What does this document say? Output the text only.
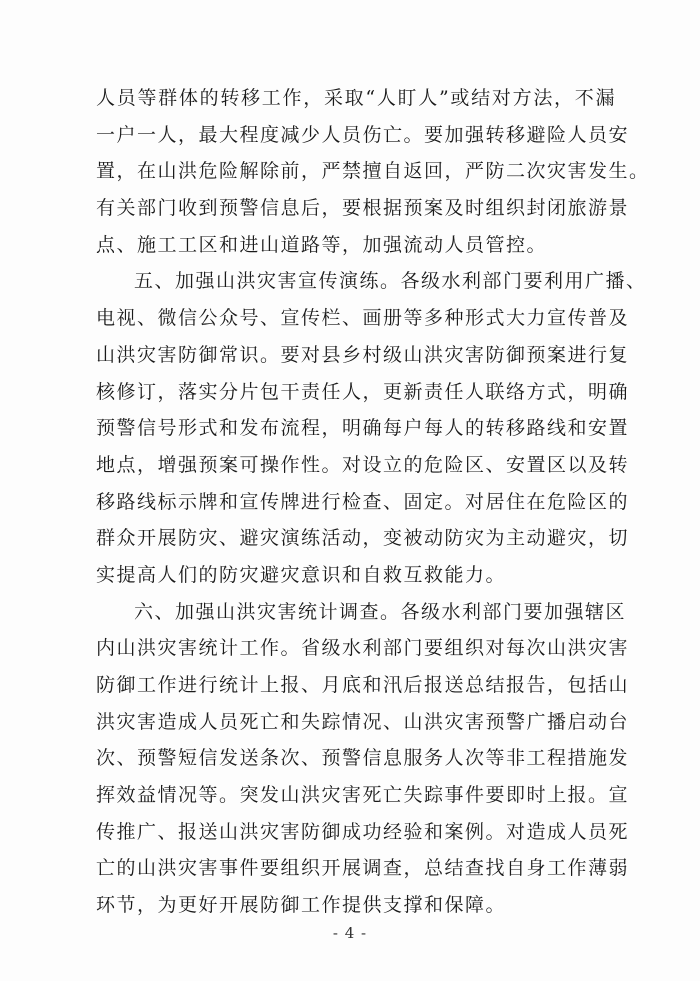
人员等群体的转移工作，采取“人盯人”或结对方法，不漏
一户一人，最大程度减少人员伤亡。要加强转移避险人员安
置，在山洪危险解除前，严禁擅自返回，严防二次灾害发生。
有关部门收到预警信息后，要根据预案及时组织封闭旅游景
点、施工工区和进山道路等，加强流动人员管控。
五、加强山洪灾害宣传演练。各级水利部门要利用广播、
电视、微信公众号、宣传栏、画册等多种形式大力宣传普及
山洪灾害防御常识。要对县乡村级山洪灾害防御预案进行复
核修订，落实分片包干责任人，更新责任人联络方式，明确
预警信号形式和发布流程，明确每户每人的转移路线和安置
地点，增强预案可操作性。对设立的危险区、安置区以及转
移路线标示牌和宣传牌进行检查、固定。对居住在危险区的
群众开展防灾、避灾演练活动，变被动防灾为主动避灾，切
实提高人们的防灾避灾意识和自救互救能力。
六、加强山洪灾害统计调查。各级水利部门要加强辖区
内山洪灾害统计工作。省级水利部门要组织对每次山洪灾害
防御工作进行统计上报、月底和汛后报送总结报告，包括山
洪灾害造成人员死亡和失踪情况、山洪灾害预警广播启动台
次、预警短信发送条次、预警信息服务人次等非工程措施发
挥效益情况等。突发山洪灾害死亡失踪事件要即时上报。宣
传推广、报送山洪灾害防御成功经验和案例。对造成人员死
亡的山洪灾害事件要组织开展调查，总结查找自身工作薄弱
环节，为更好开展防御工作提供支撑和保障。
- 4 -
